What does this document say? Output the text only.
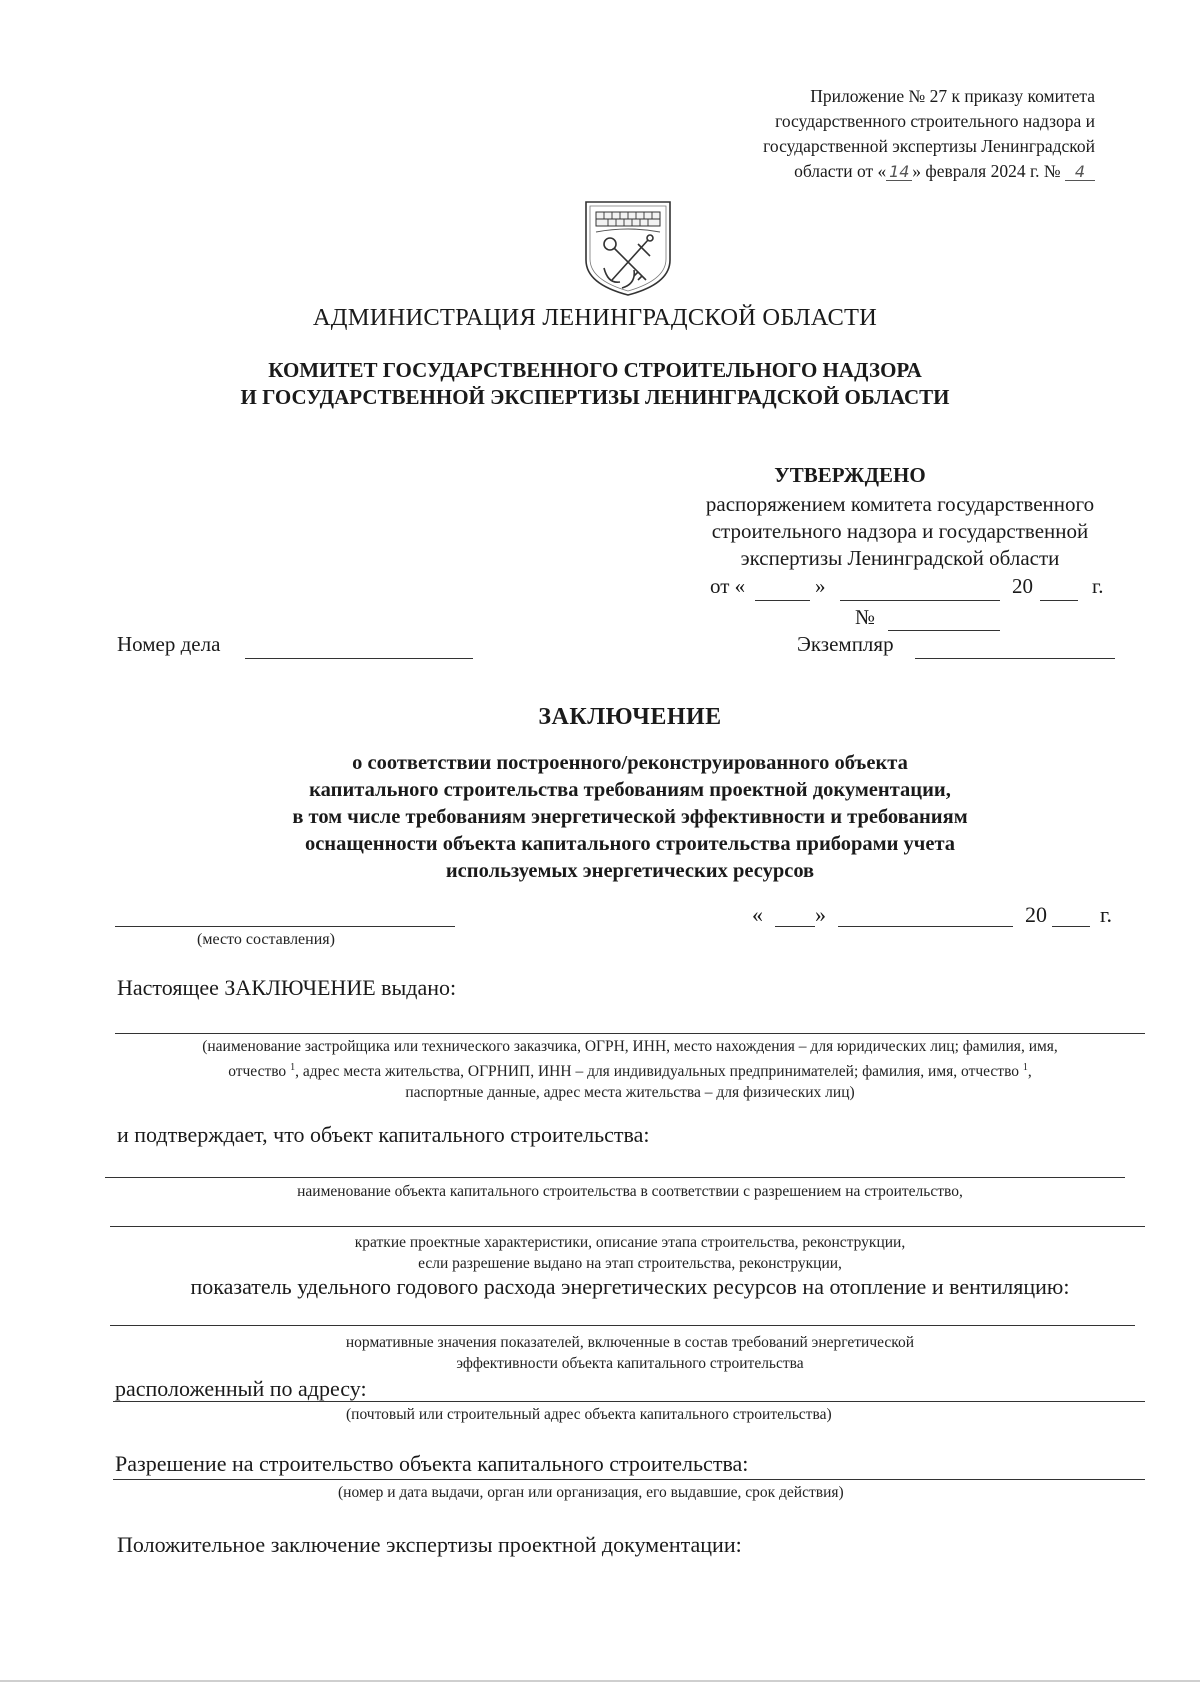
Приложение № 27 к приказу комитета
государственного строительного надзора и
государственной экспертизы Ленинградской
области от « 14 » февраля 2024 г. № 4
АДМИНИСТРАЦИЯ ЛЕНИНГРАДСКОЙ ОБЛАСТИ
КОМИТЕТ ГОСУДАРСТВЕННОГО СТРОИТЕЛЬНОГО НАДЗОРА
И ГОСУДАРСТВЕННОЙ ЭКСПЕРТИЗЫ ЛЕНИНГРАДСКОЙ ОБЛАСТИ
УТВЕРЖДЕНО
распоряжением комитета государственного
строительного надзора и государственной
экспертизы Ленинградской области
от «	»	20	г.
№
Номер дела	Экземпляр
ЗАКЛЮЧЕНИЕ
о соответствии построенного/реконструированного объекта
капитального строительства требованиям проектной документации,
в том числе требованиям энергетической эффективности и требованиям
оснащенности объекта капитального строительства приборами учета
используемых энергетических ресурсов
(место составления)
« »	20 г.
Настоящее ЗАКЛЮЧЕНИЕ выдано:
(наименование застройщика или технического заказчика, ОГРН, ИНН, место нахождения – для юридических лиц; фамилия, имя,
отчество $^1$, адрес места жительства, ОГРНИП, ИНН – для индивидуальных предпринимателей; фамилия, имя, отчество $^1$,
паспортные данные, адрес места жительства – для физических лиц)
и подтверждает, что объект капитального строительства:
наименование объекта капитального строительства в соответствии с разрешением на строительство,
краткие проектные характеристики, описание этапа строительства, реконструкции,
если разрешение выдано на этап строительства, реконструкции,
показатель удельного годового расхода энергетических ресурсов на отопление и вентиляцию:
нормативные значения показателей, включенные в состав требований энергетической
эффективности объекта капитального строительства
расположенный по адресу:
(почтовый или строительный адрес объекта капитального строительства)
Разрешение на строительство объекта капитального строительства:
(номер и дата выдачи, орган или организация, его выдавшие, срок действия)
Положительное заключение экспертизы проектной документации:
